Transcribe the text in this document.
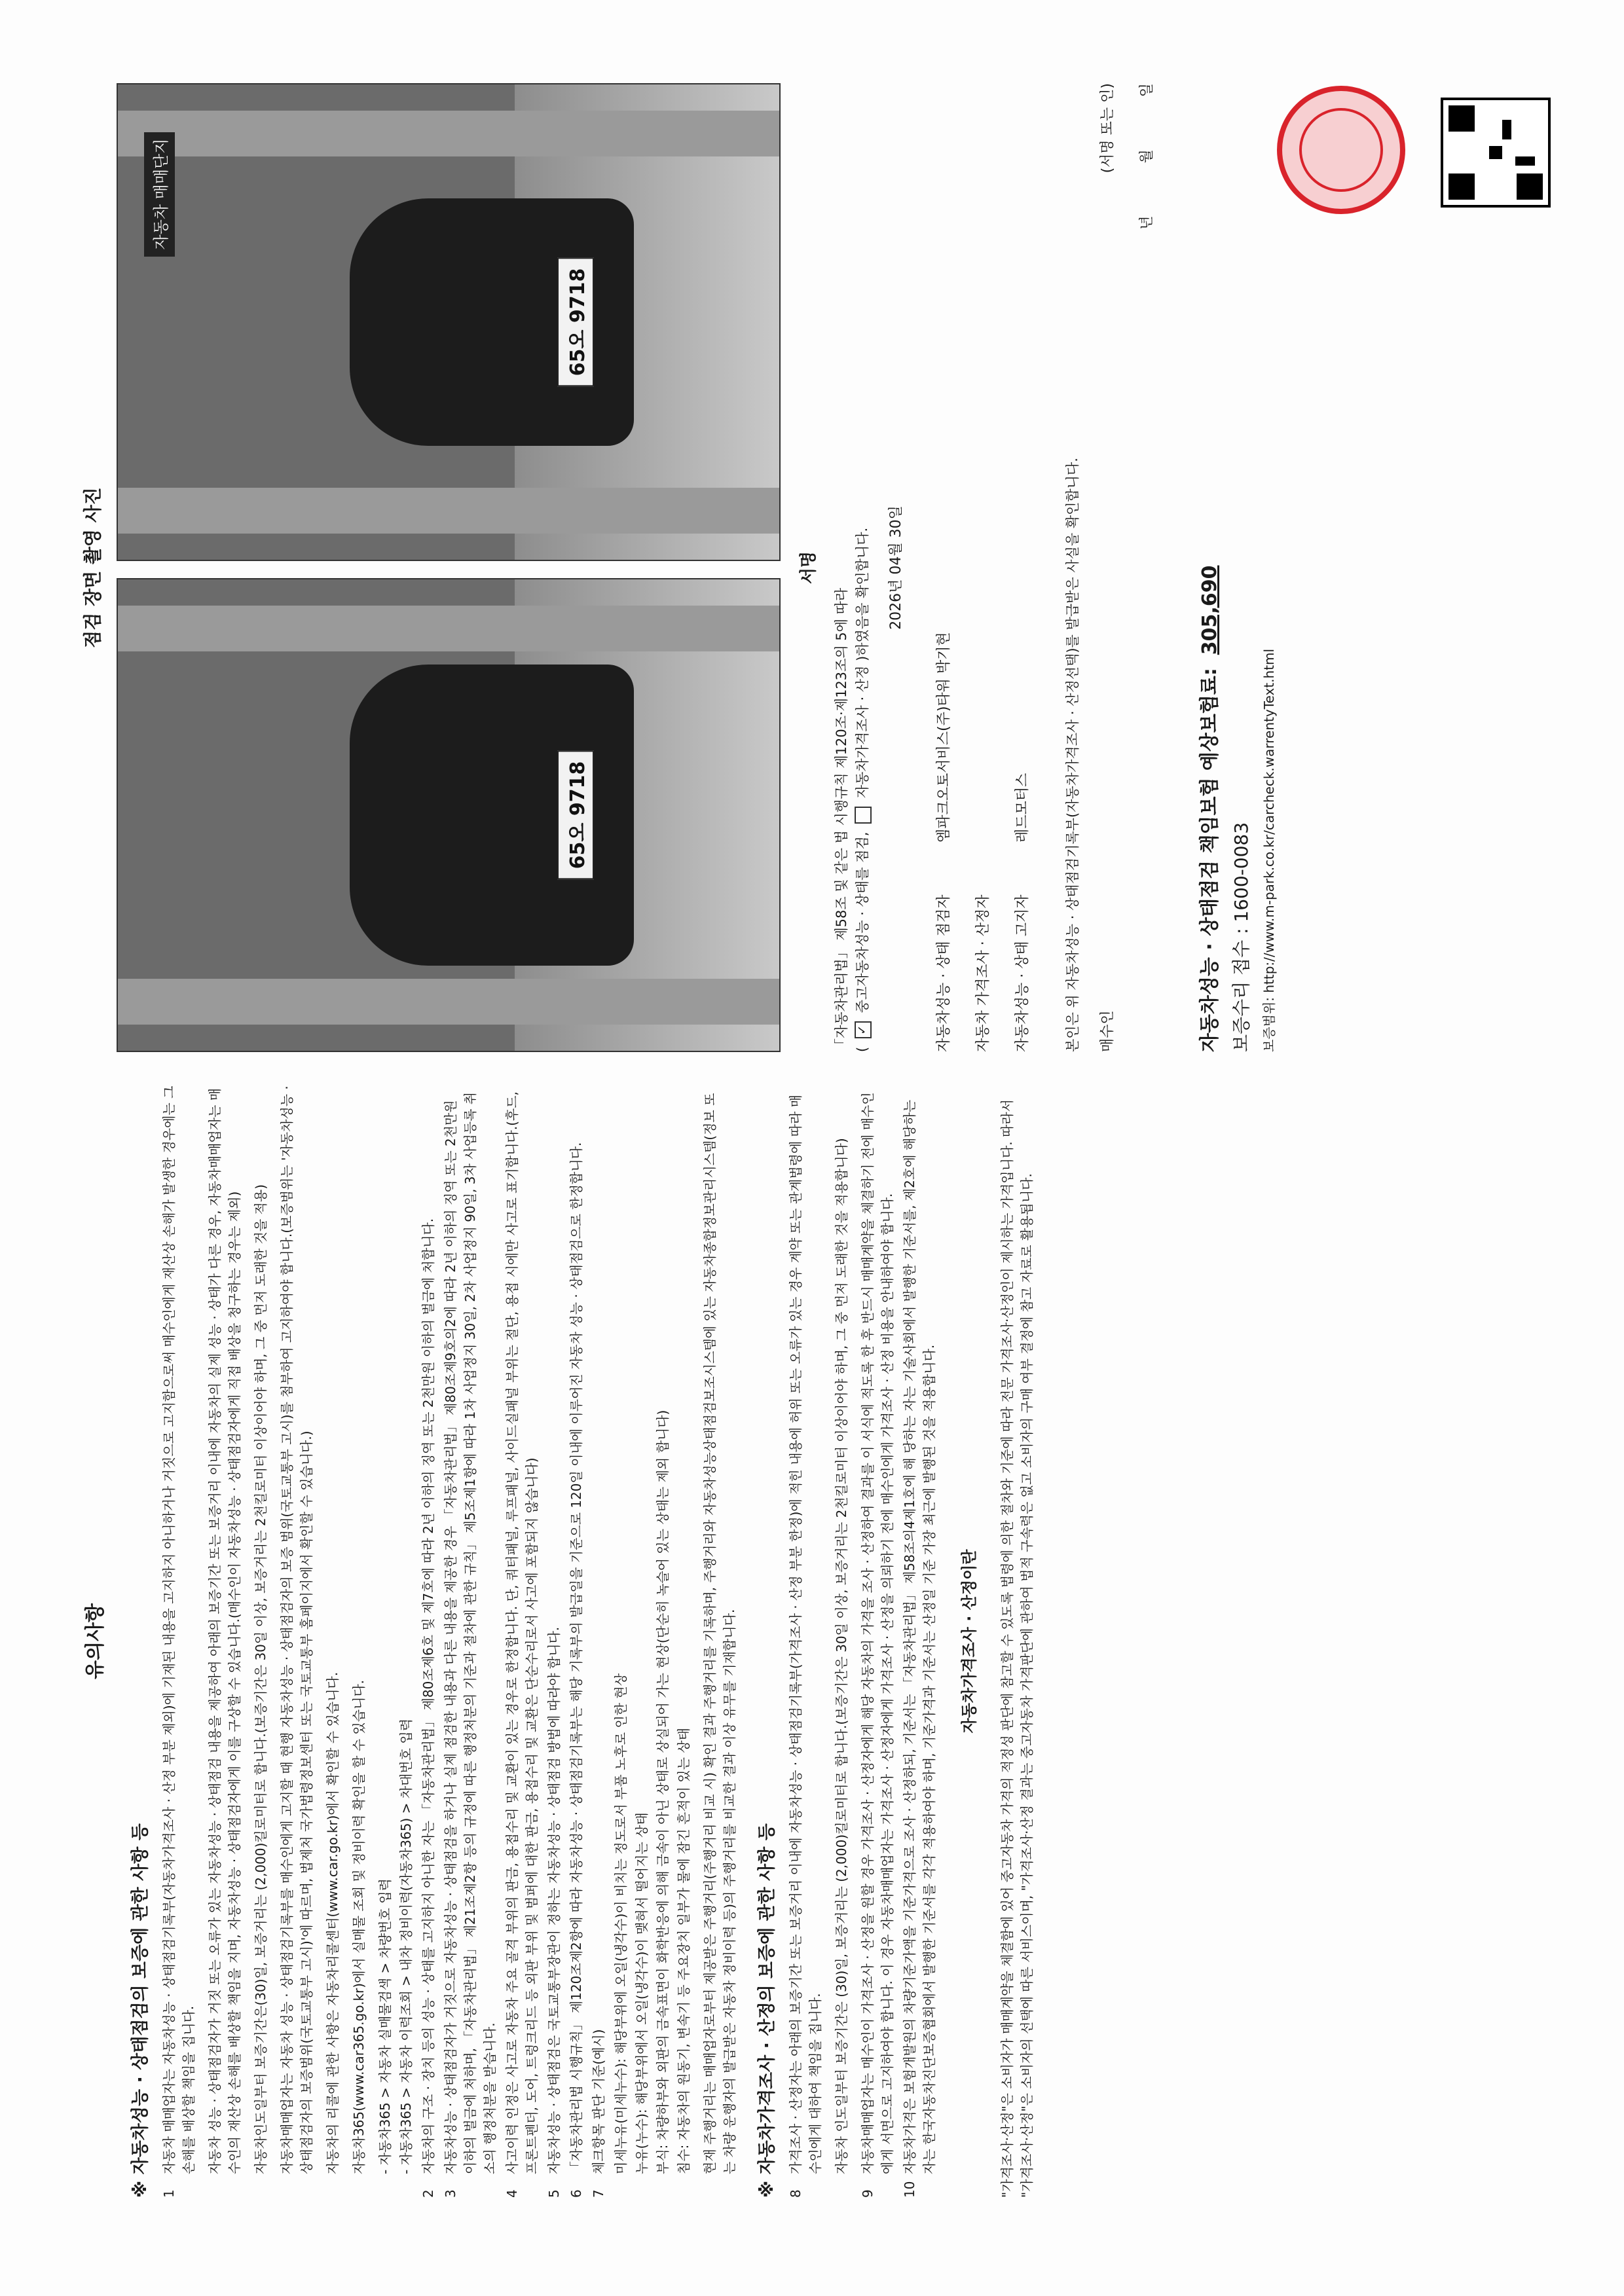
유의사항
※ 자동차성능 · 상태점검의 보증에 관한 사항 등 1
자동차 매매업자는 자동차성능 · 상태점검기록부(자동차가격조사 · 산정 부분 제외)에 기재된 내용을 고지하지 아니하거나 거짓으로 고지함으로써 매수인에게 재산상 손해가 발생한 경우에는 그 손해를 배상할 책임을 집니다. 자동차 성능 · 상태점검자가 거짓 또는 오류가 있는 자동차성능 · 상태점검 내용을 제공하여 아래의 보증기간 또는 보증거리 이내에 자동차의 실제 성능 · 상태가 다른 경우, 자동차매매업자는 매수인의 재산상 손해를 배상할 책임을 지며, 자동차성능 · 상태점검자에게 이를 구상할 수 있습니다.(매수인이 자동차성능 · 상태점검자에게 직접 배상을 청구하는 경우는 제외) 자동차인도일부터 보증기간은(30)일, 보증거리는 (2,000)킬로미터로 합니다.(보증기간은 30일 이상, 보증거리는 2천킬로미터 이상이어야 하며, 그 중 먼저 도래한 것을 적용) 자동차매매업자는 자동차 성능 · 상태점검기록부를 매수인에게 고지할 때 현행 자동차성능 · 상태점검자의 보증 범위(국토교통부 고시)를 첨부하여 고지하여야 합니다.(보증범위는 '자동차성능 · 상태점검자의 보증범위(국토교통부 고시)'에 따르며, 법제처 국가법령정보센터 또는 국토교통부 홈페이지에서 확인할 수 있습니다.) 자동차의 리콜에 관한 사항은 자동차리콜센터(www.car.go.kr)에서 확인할 수 있습니다. 자동차365(www.car365.go.kr)에서 실매물 조회 및 정비이력 확인을 할 수 있습니다. - 자동차365 > 자동차 실매물검색 > 차량번호 입력 - 자동차365 > 자동차 이력조회 > 내차 정비이력(자동차365) > 차대번호 입력
2
자동차의 구조 · 장치 등의 성능 · 상태를 고지하지 아니한 자는 「자동차관리법」 제80조제6호 및 제7호에 따라 2년 이하의 징역 또는 2천만원 이하의 벌금에 처합니다.
3
자동차성능 · 상태점검자가 거짓으로 자동차성능 · 상태점검을 하거나 실제 점검한 내용과 다른 내용을 제공한 경우 「자동차관리법」 제80조제9호의2에 따라 2년 이하의 징역 또는 2천만원 이하의 벌금에 처하며, 「자동차관리법」 제21조제2항 등의 규정에 따른 행정처분의 기준과 절차에 관한 규칙」 제5조제1항에 따라 1차 사업정지 30일, 2차 사업정지 90일, 3차 사업등록 취소의 행정처분을 받습니다.
4
사고이력 인정은 사고로 자동차 주요 골격 부위의 판금, 용접수리 및 교환이 있는 경우로 한정합니다. 단, 쿼터패널, 루프패널, 사이드실패널 부위는 절단, 용접 시에만 사고로 표기합니다.(후드, 프론트펜더, 도어, 트렁크리드 등 외판 부위 및 범퍼에 대한 판금, 용접수리 및 교환은 단순수리로서 사고에 포함되지 않습니다)
5
자동차성능 · 상태점검은 국토교통부장관이 정하는 자동차성능 · 상태점검 방법에 따라야 합니다.
6
「자동차관리법 시행규칙」 제120조제2항에 따라 자동차성능 · 상태점검기록부는 해당 기록부의 발급일을 기준으로 120일 이내에 이루어진 자동차 성능 · 상태점검으로 한정합니다.
7
체크항목 판단 기준(예시) 미세누유(미세누수): 해당부위에 오일(냉각수)이 비치는 정도로서 부품 노후로 인한 현상 누유(누수): 해당부위에서 오일(냉각수)이 맺혀서 떨어지는 상태 부식: 차량하부와 외판의 금속표면이 화학반응에 의해 금속이 아닌 상태로 상실되어 가는 현상(단순히 녹슬어 있는 상태는 제외 합니다) 침수: 자동차의 원동기, 변속기 등 주요장치 일부가 물에 잠긴 흔적이 있는 상태 현재 주행거리는 매매업자로부터 제공받은 주행거리(주행거리 비교 시) 확인 결과 주행거리를 기록하며, 주행거리와 자동차성능상태점검보조시스템에 있는 자동차종합정보관리시스템(정보 또는 차량 운행자의 발급받은 자동차 정비이력 등)의 주행거리를 비교한 결과 이상 유무를 기재합니다. ※ 자동차가격조사 · 산정의 보증에 관한 사항 등 8
가격조사 · 산정자는 아래의 보증기간 또는 보증거리 이내에 자동차성능 · 상태점검기록부(가격조사 · 산정 부분 한정)에 적힌 내용에 허위 또는 오류가 있는 경우 계약 또는 관계법령에 따라 매수인에게 대하여 책임을 집니다. 자동차 인도일부터 보증기간은 (30)일, 보증거리는 (2,000)킬로미터로 합니다.(보증기간은 30일 이상, 보증거리는 2천킬로미터 이상이어야 하며, 그 중 먼저 도래한 것을 적용합니다)
9
자동차매매업자는 매수인이 가격조사 · 산정을 원할 경우 가격조사 · 산정자에게 해당 자동차의 가격을 조사 · 산정하여 결과를 이 서식에 적도록 한 후 반드시 매매계약을 체결하기 전에 매수인에게 서면으로 고지하여야 합니다. 이 경우 자동차매매업자는 가격조사 · 산정자에게 가격조사 · 산정을 의뢰하기 전에 매수인에게 가격조사 · 산정 비용을 안내하여야 합니다.
10
자동차가격은 보험개발원의 차량기준가액을 기준가격으로 조사 · 산정하되, 기준서는 「자동차관리법」 제58조의4제1호에 해 당하는 자는 기술사회에서 발행한 기준서를, 제2호에 해당하는 자는 한국자동차진단보증협회에서 발행한 기준서를 각각 적용하여야 하며, 기준가격과 기준서는 산정일 기준 가장 최근에 발행된 것을 적용합니다. 자동차가격조사 · 산정이란 "가격조사·산정"은 소비자가 매매계약을 체결함에 있어 중고자동차 가격의 적정성 판단에 참고할 수 있도록 법령에 의한 절차와 기준에 따라 전문 가격조사·산정인이 제시하는 가격입니다. 따라서 "가격조사·산정"은 소비자의 선택에 따른 서비스이며, "가격조사·산정 결과는 중고자동차 가격판단에 관하여 법적 구속력은 없고 소비자의 구매 여부 결정에 참고 자료로 활용됩니다.
점검 장면 촬영 사진
65오 9718
65오 9718
자동차 매매단지
서명
「자동차관리법」 제58조 및 같은 법 시행규칙 제120조·제123조의 5에 따라 ( ✓ 중고자동차성능 · 상태를 점검,  자동차가격조사 · 산정 )하였음을 확인합니다. 2026년 04월 30일
자동차성능 · 상태 점검자
엠파크오토서비스(주)타워 박기현
자동차 가격조사 · 산정자	자동차성능 · 상태 고지자
레드모터스	본인은 위 자동차성능 · 상태점검기록부(자동차가격조사 · 산정선택)를 발급받은 사실을 확인합니다.	매수인
(서명 또는 인)
년
월
일
자동차성능 · 상태점검 책임보험 예상보험료:305,690
보증수리 접수 : 1600-0083 보증범위: http://www.m-park.co.kr/carcheck.warrentyText.html
